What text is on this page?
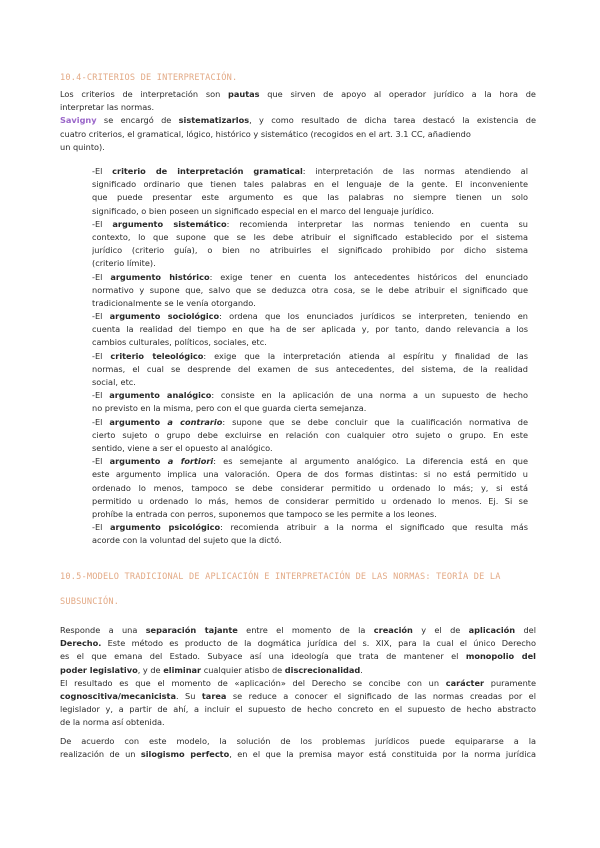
10.4-CRITERIOS DE INTERPRETACIÓN.
Los criterios de interpretación son pautas que sirven de apoyo al operador jurídico a la hora de
interpretar las normas.
Savigny se encargó de sistematizarlos, y como resultado de dicha tarea destacó la existencia de
cuatro criterios, el gramatical, lógico, histórico y sistemático (recogidos en el art. 3.1 CC, añadiendo
un quinto).
-El criterio de interpretación gramatical: interpretación de las normas atendiendo al
significado ordinario que tienen tales palabras en el lenguaje de la gente. El inconveniente
que puede presentar este argumento es que las palabras no siempre tienen un solo
significado, o bien poseen un significado especial en el marco del lenguaje jurídico.
-El argumento sistemático: recomienda interpretar las normas teniendo en cuenta su
contexto, lo que supone que se les debe atribuir el significado establecido por el sistema
jurídico (criterio guía), o bien no atribuirles el significado prohibido por dicho sistema
(criterio límite).
-El argumento histórico: exige tener en cuenta los antecedentes históricos del enunciado
normativo y supone que, salvo que se deduzca otra cosa, se le debe atribuir el significado que
tradicionalmente se le venía otorgando.
-El argumento sociológico: ordena que los enunciados jurídicos se interpreten, teniendo en
cuenta la realidad del tiempo en que ha de ser aplicada y, por tanto, dando relevancia a los
cambios culturales, políticos, sociales, etc.
-El criterio teleológico: exige que la interpretación atienda al espíritu y finalidad de las
normas, el cual se desprende del examen de sus antecedentes, del sistema, de la realidad
social, etc.
-El argumento analógico: consiste en la aplicación de una norma a un supuesto de hecho
no previsto en la misma, pero con el que guarda cierta semejanza.
-El argumento a contrario: supone que se debe concluir que la cualificación normativa de
cierto sujeto o grupo debe excluirse en relación con cualquier otro sujeto o grupo. En este
sentido, viene a ser el opuesto al analógico.
-El argumento a fortiori: es semejante al argumento analógico. La diferencia está en que
este argumento implica una valoración. Opera de dos formas distintas: si no está permitido u
ordenado lo menos, tampoco se debe considerar permitido u ordenado lo más; y, si está
permitido u ordenado lo más, hemos de considerar permitido u ordenado lo menos. Ej. Si se
prohíbe la entrada con perros, suponemos que tampoco se les permite a los leones.
-El argumento psicológico: recomienda atribuir a la norma el significado que resulta más
acorde con la voluntad del sujeto que la dictó.
10.5-MODELO TRADICIONAL DE APLICACIÓN E INTERPRETACIÓN DE LAS NORMAS: TEORÍA DE LA
SUBSUNCIÓN.
Responde a una separación tajante entre el momento de la creación y el de aplicación del
Derecho. Este método es producto de la dogmática jurídica del s. XIX, para la cual el único Derecho
es el que emana del Estado. Subyace así una ideología que trata de mantener el monopolio del
poder legislativo, y de eliminar cualquier atisbo de discrecionalidad.
El resultado es que el momento de «aplicación» del Derecho se concibe con un carácter puramente
cognoscitiva/mecanicista. Su tarea se reduce a conocer el significado de las normas creadas por el
legislador y, a partir de ahí, a incluir el supuesto de hecho concreto en el supuesto de hecho abstracto
de la norma así obtenida.
De acuerdo con este modelo, la solución de los problemas jurídicos puede equipararse a la
realización de un silogismo perfecto, en el que la premisa mayor está constituida por la norma jurídica
